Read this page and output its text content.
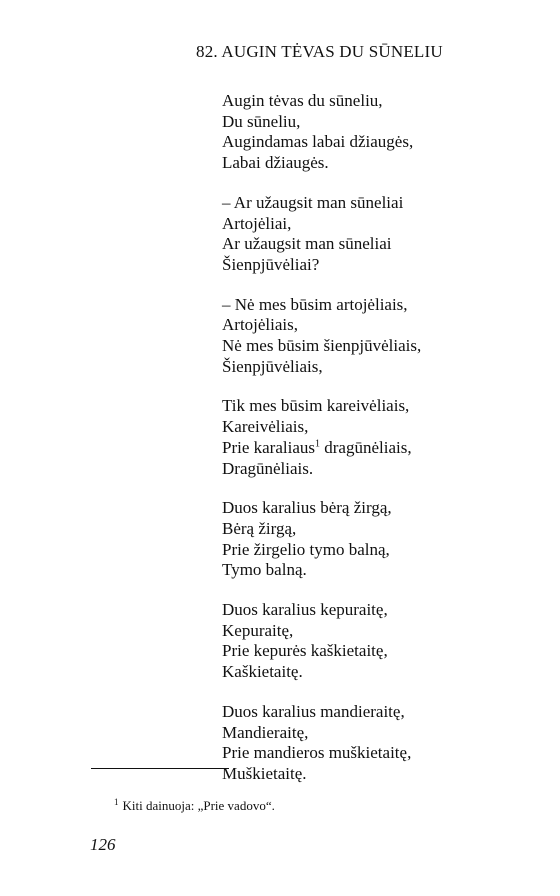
82. AUGIN TĖVAS DU SŪNELIU
Augin tėvas du sūneliu,
Du sūneliu,
Augindamas labai džiaugės,
Labai džiaugės.
– Ar užaugsit man sūneliai
Artojėliai,
Ar užaugsit man sūneliai
Šienpjūvėliai?
– Nė mes būsim artojėliais,
Artojėliais,
Nė mes būsim šienpjūvėliais,
Šienpjūvėliais,
Tik mes būsim kareivėliais,
Kareivėliais,
Prie karaliaus$^1$ dragūnėliais,
Dragūnėliais.
Duos karalius bėrą žirgą,
Bėrą žirgą,
Prie žirgelio tymo balną,
Tymo balną.
Duos karalius kepuraitę,
Kepuraitę,
Prie kepurės kaškietaitę,
Kaškietaitę.
Duos karalius mandieraitę,
Mandieraitę,
Prie mandieros muškietaitę,
Muškietaitę.
$^1$ Kiti dainuoja: „Prie vadovo“.
126
